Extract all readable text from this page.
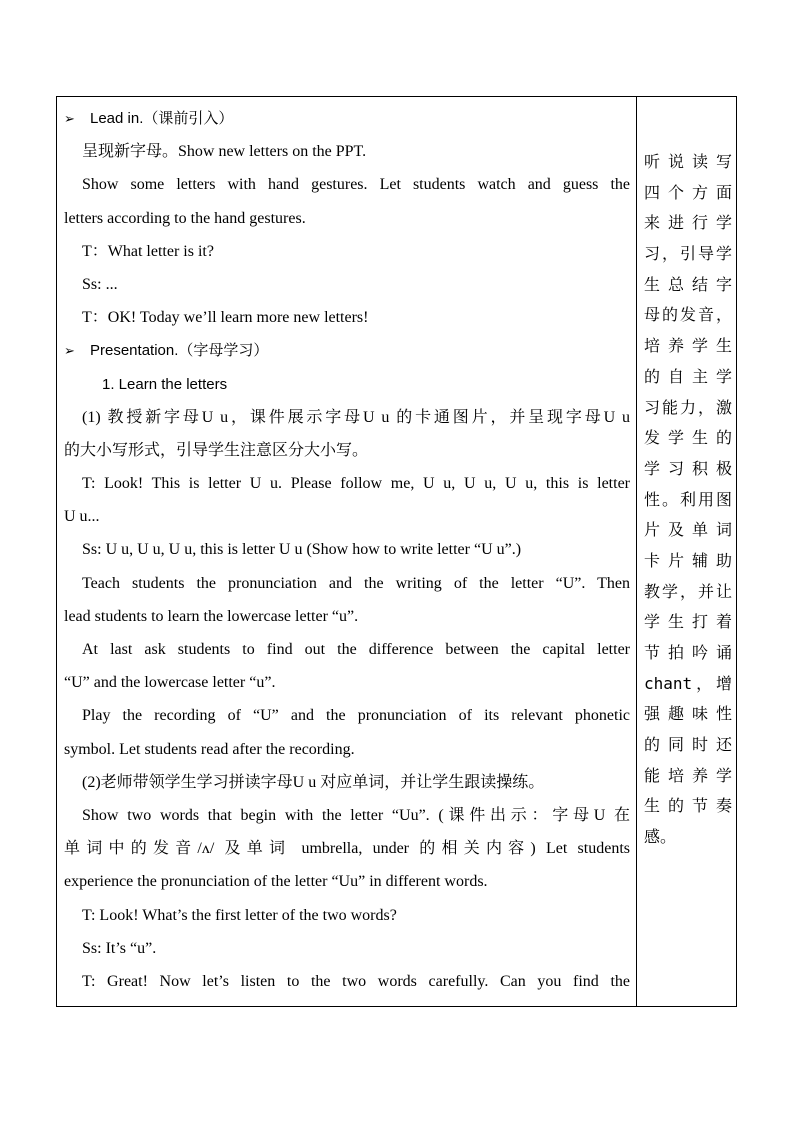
➢ Lead in.（课前引入）
呈现新字母。Show new letters on the PPT.
Show some letters with hand gestures. Let students watch and guess the
letters according to the hand gestures.
T：What letter is it?
Ss: ...
T：OK! Today we’ll learn more new letters!
➢ Presentation.（字母学习）
1. Learn the letters
(1) 教授新字母U u，课件展示字母U u 的卡通图片，并呈现字母U u
的大小写形式，引导学生注意区分大小写。
T: Look! This is letter U u. Please follow me, U u, U u, U u, this is letter
U u...
Ss: U u, U u, U u, this is letter U u (Show how to write letter “U u”.)
Teach students the pronunciation and the writing of the letter “U”. Then
lead students to learn the lowercase letter “u”.
At last ask students to find out the difference between the capital letter
“U” and the lowercase letter “u”.
Play the recording of “U” and the pronunciation of its relevant phonetic
symbol. Let students read after the recording.
(2)老师带领学生学习拼读字母U u 对应单词，并让学生跟读操练。
Show two words that begin with the letter “Uu”. (课件出示：字母U 在
单词中的发音/ʌ/ 及单词 umbrella, under 的相关内容) Let students
experience the pronunciation of the letter “Uu” in different words.
T: Look! What’s the first letter of the two words?
Ss: It’s “u”.
T: Great! Now let’s listen to the two words carefully. Can you find the
听说读写
四个方面
来进行学
习，引导学
生总结字
母的发音，
培养学生
的自主学
习能力，激
发学生的
学习积极
性。利用图
片及单词
卡片辅助
教学，并让
学生打着
节拍吟诵
chant，增
强趣味性
的同时还
能培养学
生的节奏
感。
